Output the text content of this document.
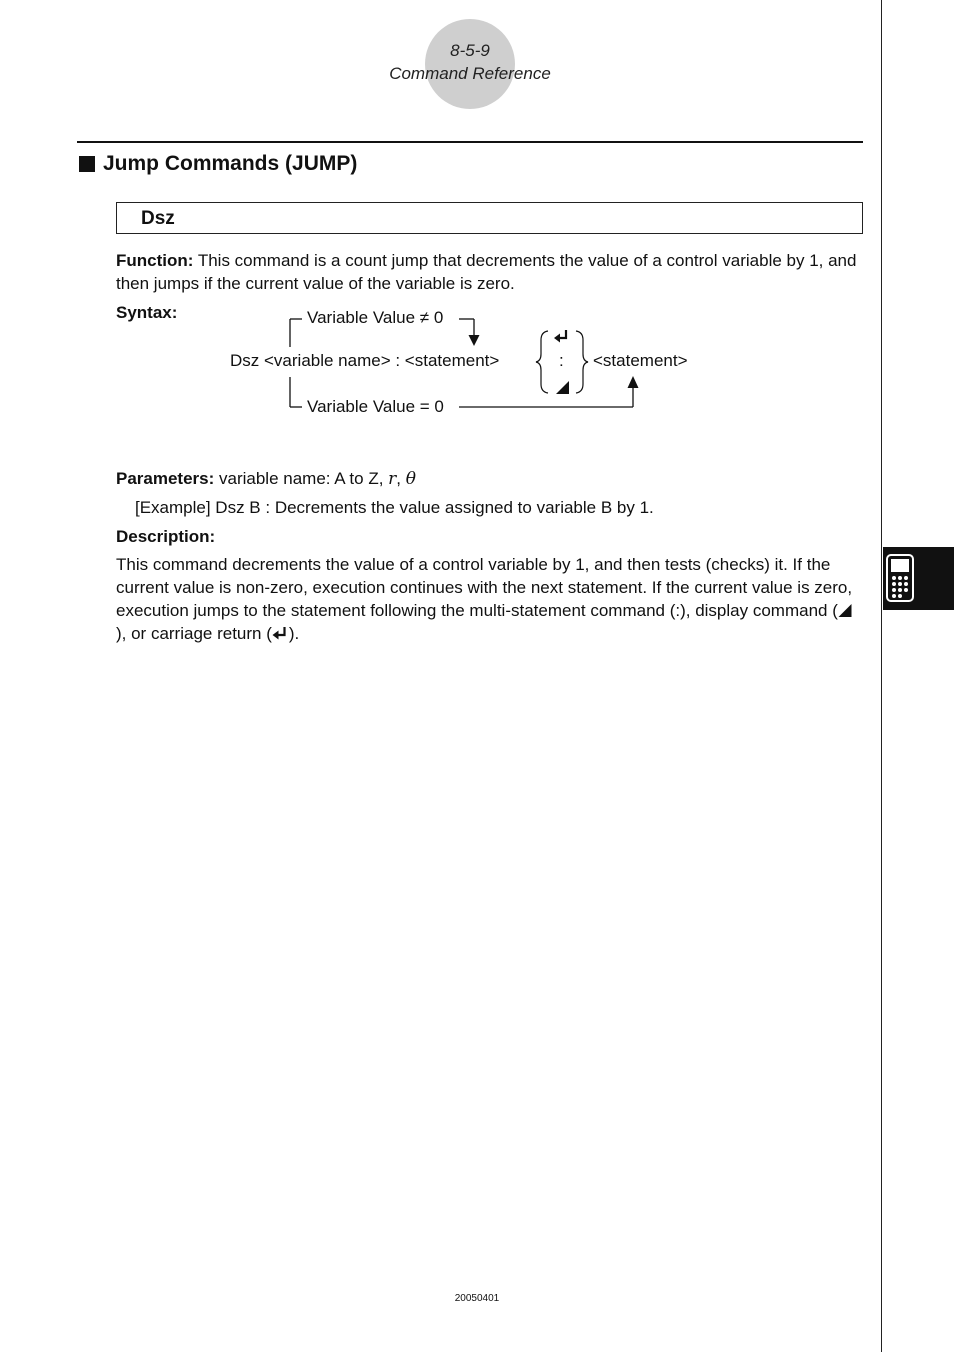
8-5-9
Command Reference
Jump Commands (JUMP)
Dsz
Function: This command is a count jump that decrements the value of a control variable by 1, and then jumps if the current value of the variable is zero.
Syntax:	Variable Value ≠ 0
Dsz <variable name> : <statement>
Variable Value = 0
<statement>
:
Parameters: variable name: A to Z, r, θ
[Example] Dsz B : Decrements the value assigned to variable B by 1.
Description:
This command decrements the value of a control variable by 1, and then tests (checks) it. If the current value is non-zero, execution continues with the next statement. If the current value is zero, execution jumps to the statement following the multi-statement command (:), display command (), or carriage return ( ).
20050401
